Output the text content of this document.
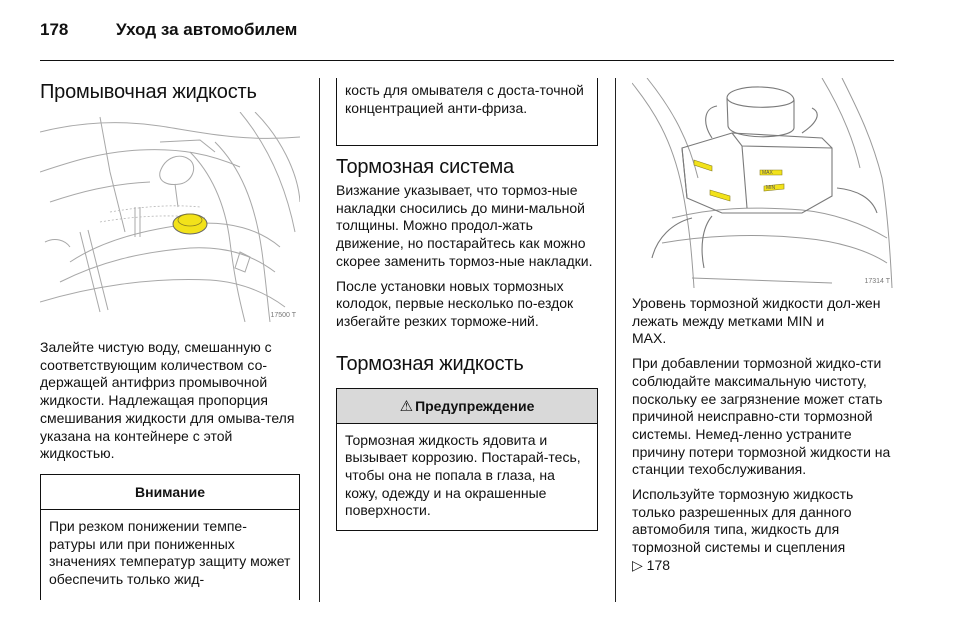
178	Уход за автомобилем
Промывочная жидкость
17500 T
Залейте чистую воду, смешанную с соответствующим количеством со-держащей антифриз промывочной жидкости. Надлежащая пропорция смешивания жидкости для омыва-теля указана на контейнере с этой жидкостью.
Внимание
При резком понижении темпе-ратуры или при пониженных значениях температур защиту может обеспечить только жид-
кость для омывателя с доста-точной концентрацией анти-фриза.
Тормозная система
Визжание указывает, что тормоз-ные накладки сносились до мини-мальной толщины. Можно продол-жать движение, но постарайтесь как можно скорее заменить тормоз-ные накладки.
После установки новых тормозных колодок, первые несколько по-ездок избегайте резких торможе-ний.
Тормозная жидкость
⚠ Предупреждение
Тормозная жидкость ядовита и вызывает коррозию. Постарай-тесь, чтобы она не попала в глаза, на кожу, одежду и на окрашенные поверхности.
MAX
MIN
17314 T
Уровень тормозной жидкости дол-жен лежать между метками MIN и
MAX.
При добавлении тормозной жидко-сти соблюдайте максимальную чистоту, поскольку ее загрязнение может стать причиной неисправно-сти тормозной системы. Немед-ленно устраните причину потери тормозной жидкости на станции техобслуживания.
Используйте тормозную жидкость только разрешенных для данного автомобиля типа, жидкость для тормозной системы и сцепления
▷ 178
